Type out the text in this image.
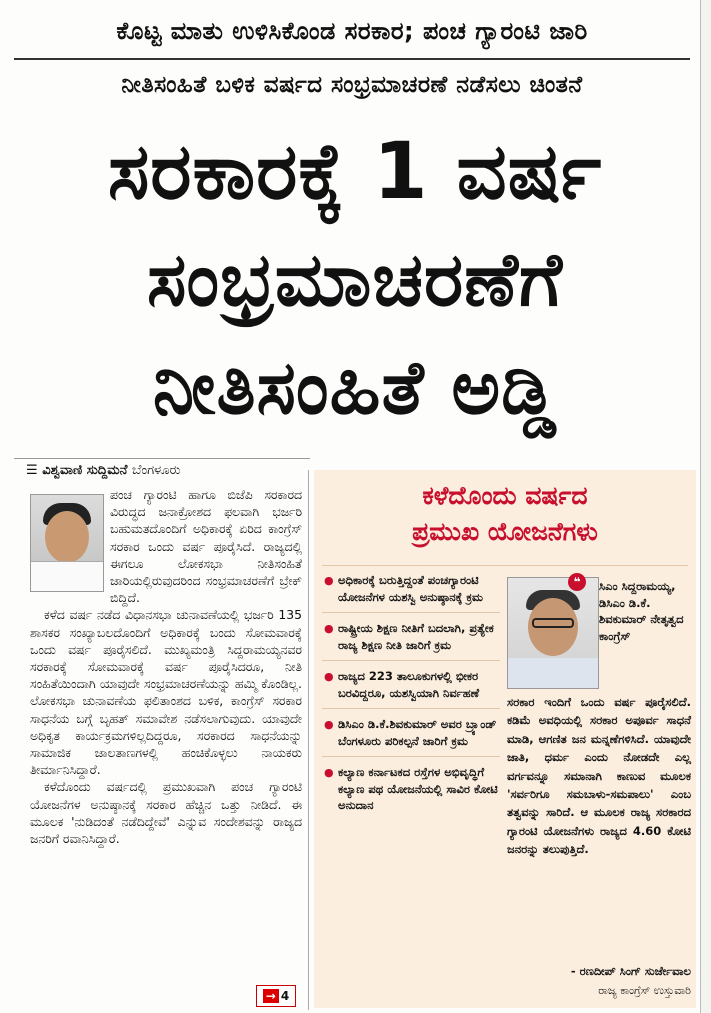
ಕೊಟ್ಟ ಮಾತು ಉಳಿಸಿಕೊಂಡ ಸರಕಾರ; ಪಂಚ ಗ್ಯಾರಂಟಿ ಜಾರಿ
ನೀತಿಸಂಹಿತೆ ಬಳಿಕ ವರ್ಷದ ಸಂಭ್ರಮಾಚರಣೆ ನಡೆಸಲು ಚಿಂತನೆ
ಸರಕಾರಕ್ಕೆ 1 ವರ್ಷ
ಸಂಭ್ರಮಾಚರಣೆಗೆ
ನೀತಿಸಂಹಿತೆ ಅಡ್ಡಿ
☰ ವಿಶ್ವವಾಣಿ ಸುದ್ದಿಮನೆ ಬೆಂಗಳೂರು

ಪಂಚ ಗ್ಯಾರಂಟಿ ಹಾಗೂ ಬಿಜೆಪಿ ಸರಕಾರದ ವಿರುದ್ಧದ ಜನಾಕ್ರೋಶದ ಫಲವಾಗಿ ಭರ್ಜರಿ ಬಹುಮತದೊಂದಿಗೆ ಅಧಿಕಾರಕ್ಕೆ ಏರಿದ ಕಾಂಗ್ರೆಸ್ ಸರಕಾರ ಒಂದು ವರ್ಷ ಪೂರೈಸಿದೆ. ರಾಜ್ಯದಲ್ಲಿ ಈಗಲೂ ಲೋಕಸಭಾ ನೀತಿಸಂಹಿತೆ ಜಾರಿಯಲ್ಲಿರುವುದರಿಂದ ಸಂಭ್ರಮಾಚರಣೆಗೆ ಬ್ರೇಕ್ ಬಿದ್ದಿದೆ.

ಕಳೆದ ವರ್ಷ ನಡೆದ ವಿಧಾನಸಭಾ ಚುನಾವಣೆಯಲ್ಲಿ ಭರ್ಜರಿ 135 ಶಾಸಕರ ಸಂಖ್ಯಾಬಲದೊಂದಿಗೆ ಅಧಿಕಾರಕ್ಕೆ ಬಂದು ಸೋಮವಾರಕ್ಕೆ ಒಂದು ವರ್ಷ ಪೂರೈಸಲಿದೆ. ಮುಖ್ಯಮಂತ್ರಿ ಸಿದ್ದರಾಮಯ್ಯನವರ ಸರಕಾರಕ್ಕೆ ಸೋಮವಾರಕ್ಕೆ ವರ್ಷ ಪೂರೈಸಿದರೂ, ನೀತಿ ಸಂಹಿತೆಯಿಂದಾಗಿ ಯಾವುದೇ ಸಂಭ್ರಮಾಚರಣೆಯನ್ನು ಹಮ್ಮಿ ಕೊಂಡಿಲ್ಲ. ಲೋಕಸಭಾ ಚುನಾವಣೆಯ ಫಲಿತಾಂಶದ ಬಳಿಕ, ಕಾಂಗ್ರೆಸ್ ಸರಕಾರ ಸಾಧನೆಯ ಬಗ್ಗೆ ಬೃಹತ್ ಸಮಾವೇಶ ನಡೆಸಲಾಗುವುದು. ಯಾವುದೇ ಅಧಿಕೃತ ಕಾರ್ಯಕ್ರಮಗಳಿಲ್ಲದಿದ್ದರೂ, ಸರಕಾರದ ಸಾಧನೆಯನ್ನು ಸಾಮಾಜಿಕ ಜಾಲತಾಣಗಳಲ್ಲಿ ಹಂಚಿಕೊಳ್ಳಲು ನಾಯಕರು ತೀರ್ಮಾನಿಸಿದ್ದಾರೆ.

ಕಳೆದೊಂದು ವರ್ಷದಲ್ಲಿ ಪ್ರಮುಖವಾಗಿ ಪಂಚ ಗ್ಯಾರಂಟಿ ಯೋಜನೆಗಳ ಅನುಷ್ಠಾನಕ್ಕೆ ಸರಕಾರ ಹೆಚ್ಚಿನ ಒತ್ತು ನೀಡಿದೆ. ಈ ಮೂಲಕ 'ನುಡಿದಂತೆ ನಡೆದಿದ್ದೇವೆ' ಎನ್ನುವ ಸಂದೇಶವನ್ನು ರಾಜ್ಯದ ಜನರಿಗೆ ರವಾನಿಸಿದ್ದಾರೆ.

→ 4
ಕಳೆದೊಂದು ವರ್ಷದ
ಪ್ರಮುಖ ಯೋಜನೆಗಳು
● ಅಧಿಕಾರಕ್ಕೆ ಬರುತ್ತಿದ್ದಂತೆ ಪಂಚಗ್ಯಾರಂಟಿ ಯೋಜನೆಗಳ ಯಶಸ್ವಿ ಅನುಷ್ಠಾನಕ್ಕೆ ಕ್ರಮ
● ರಾಷ್ಟ್ರೀಯ ಶಿಕ್ಷಣ ನೀತಿಗೆ ಬದಲಾಗಿ, ಪ್ರತ್ಯೇಕ ರಾಜ್ಯ ಶಿಕ್ಷಣ ನೀತಿ ಜಾರಿಗೆ ಕ್ರಮ
● ರಾಜ್ಯದ 223 ತಾಲೂಕುಗಳಲ್ಲಿ ಭೀಕರ ಬರವಿದ್ದರೂ, ಯಶಸ್ವಿಯಾಗಿ ನಿರ್ವಹಣೆ
● ಡಿಸಿಎಂ ಡಿ.ಕೆ.ಶಿವಕುಮಾರ್ ಅವರ ಬ್ರ್ಯಾಂಡ್ ಬೆಂಗಳೂರು ಪರಿಕಲ್ಪನೆ ಜಾರಿಗೆ ಕ್ರಮ
● ಕಲ್ಯಾಣ ಕರ್ನಾಟಕದ ರಸ್ತೆಗಳ ಅಭಿವೃದ್ಧಿಗೆ ಕಲ್ಯಾಣ ಪಥ ಯೋಜನೆಯಲ್ಲಿ ಸಾವಿರ ಕೋಟಿ ಅನುದಾನ
❝	ಸಿಎಂ ಸಿದ್ದರಾಮಯ್ಯ, ಡಿಸಿಎಂ ಡಿ.ಕೆ. ಶಿವಕುಮಾರ್ ನೇತೃತ್ವದ ಕಾಂಗ್ರೆಸ್
ಸರಕಾರ ಇಂದಿಗೆ ಒಂದು ವರ್ಷ ಪೂರೈಸಲಿದೆ. ಕಡಿಮೆ ಅವಧಿಯಲ್ಲಿ ಸರಕಾರ ಅಪೂರ್ವ ಸಾಧನೆ ಮಾಡಿ, ಆಗಣಿತ ಜನ ಮನ್ನಣೆಗಳಿಸಿದೆ. ಯಾವುದೇ ಜಾತಿ, ಧರ್ಮ ಎಂದು ನೋಡದೇ ಎಲ್ಲ ವರ್ಗವನ್ನೂ ಸಮಾನಾಗಿ ಕಾಣುವ ಮೂಲಕ 'ಸರ್ವರಿಗೂ ಸಮಬಾಳು-ಸಮಪಾಲು' ಎಂಬ ತತ್ವವನ್ನು ಸಾರಿದೆ. ಆ ಮೂಲಕ ರಾಜ್ಯ ಸರಕಾರದ ಗ್ಯಾರಂಟಿ ಯೋಜನೆಗಳು ರಾಜ್ಯದ 4.60 ಕೋಟಿ ಜನರನ್ನು ತಲುಪುತ್ತಿದೆ.
- ರಣದೀಪ್ ಸಿಂಗ್ ಸುರ್ಜೇವಾಲ
ರಾಜ್ಯ ಕಾಂಗ್ರೆಸ್ ಉಸ್ತುವಾರಿ
